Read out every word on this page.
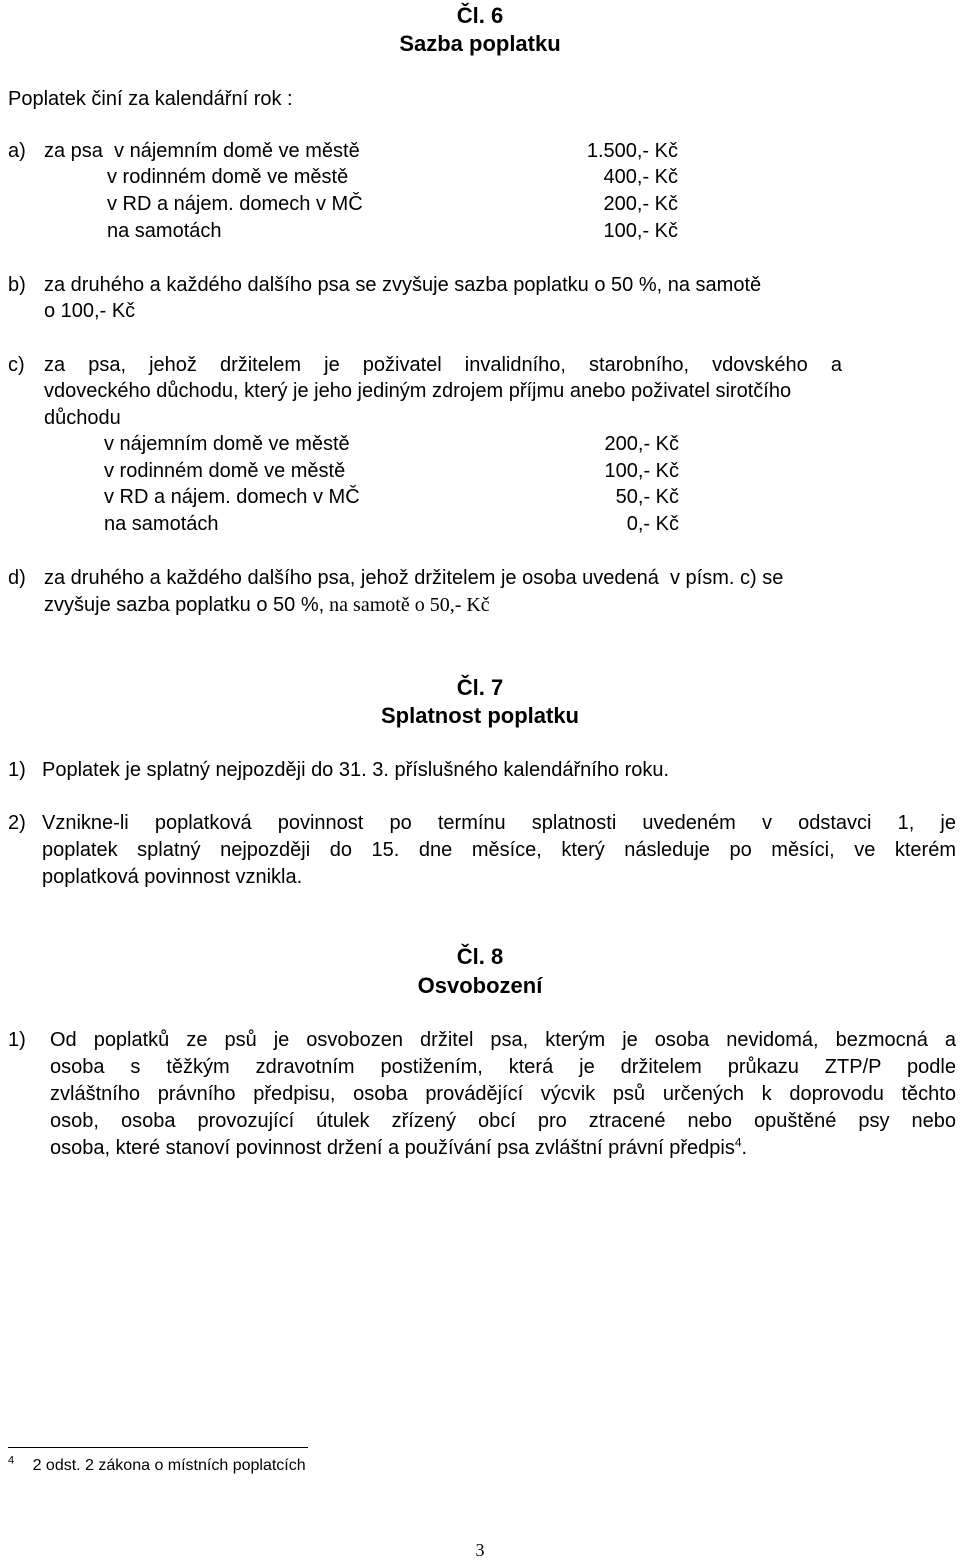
Čl. 6
Sazba poplatku
Poplatek činí za kalendářní rok :
a) za psa  v nájemním domě ve městě	1.500,- Kč
v rodinném domě ve městě	400,- Kč
v RD a nájem. domech v MČ	200,- Kč
na samotách	100,- Kč
b) za druhého a každého dalšího psa se zvyšuje sazba poplatku o 50 %, na samotě
o 100,- Kč
c) za psa, jehož držitelem je poživatel invalidního, starobního, vdovského a
vdoveckého důchodu, který je jeho jediným zdrojem příjmu anebo poživatel sirotčího
důchodu
v nájemním domě ve městě	200,- Kč
v rodinném domě ve městě	100,- Kč
v RD a nájem. domech v MČ	50,- Kč
na samotách	0,- Kč
d) za druhého a každého dalšího psa, jehož držitelem je osoba uvedená  v písm. c) se
zvyšuje sazba poplatku o 50 %, na samotě o 50,- Kč
Čl. 7
Splatnost poplatku
1) Poplatek je splatný nejpozději do 31. 3. příslušného kalendářního roku.
2) Vznikne-li poplatková povinnost po termínu splatnosti uvedeném v odstavci 1, je
poplatek splatný nejpozději do 15. dne měsíce, který následuje po měsíci, ve kterém
poplatková povinnost vznikla.
Čl. 8
Osvobození
1) Od poplatků ze psů je osvobozen držitel psa, kterým je osoba nevidomá, bezmocná a
osoba s těžkým zdravotním postižením, která je držitelem průkazu ZTP/P podle
zvláštního právního předpisu, osoba provádějící výcvik psů určených k doprovodu těchto
osob, osoba provozující útulek zřízený obcí pro ztracené nebo opuštěné psy nebo
osoba, které stanoví povinnost držení a používání psa zvláštní právní předpis$^4$.
$^4$ 2 odst. 2 zákona o místních poplatcích
3
